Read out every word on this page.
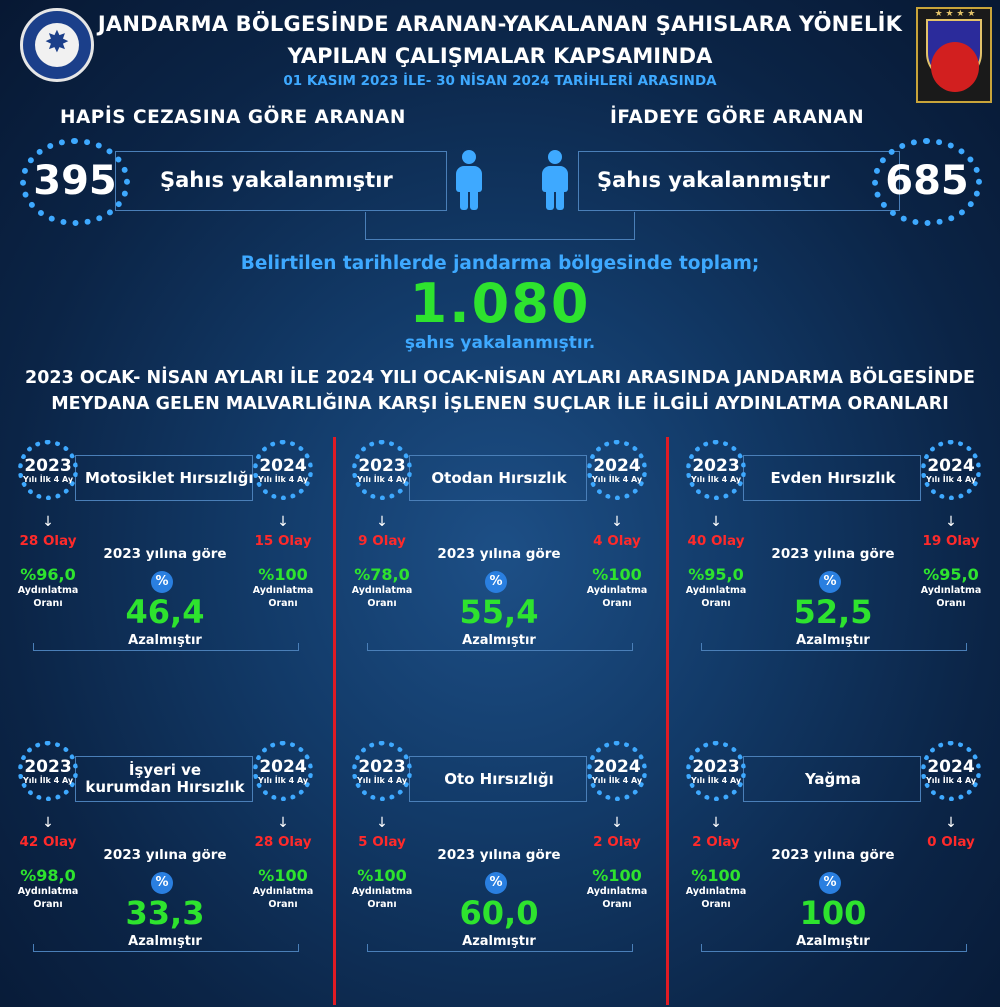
✸
JANDARMA BÖLGESİNDE ARANAN-YAKALANAN ŞAHISLARA YÖNELİK
YAPILAN ÇALIŞMALAR KAPSAMINDA
01 KASIM 2023 İLE- 30 NİSAN 2024 TARİHLERİ ARASINDA
★ ★ ★ ★
HAPİS CEZASINA GÖRE ARANAN	İFADEYE GÖRE ARANAN
Şahıs yakalanmıştır
395	Şahıs yakalanmıştır	685
Belirtilen tarihlerde jandarma bölgesinde toplam;
1.080
şahıs yakalanmıştır.
2023 OCAK- NİSAN AYLARI İLE 2024 YILI OCAK-NİSAN AYLARI ARASINDA JANDARMA BÖLGESİNDE
MEYDANA GELEN MALVARLIĞINA KARŞI İŞLENEN SUÇLAR İLE İLGİLİ AYDINLATMA ORANLARI
Motosiklet Hırsızlığı
2023
Yılı İlk 4 Ay
2024
Yılı İlk 4 Ay
↓	↓
28 Olay	15 Olay
%96,0
Aydınlatma
Oranı
%100
Aydınlatma
Oranı
2023 yılına göre
%
46,4
Azalmıştır
Otodan Hırsızlık
2023
Yılı İlk 4 Ay
2024
Yılı İlk 4 Ay
↓	↓
9 Olay	4 Olay
%78,0
Aydınlatma
Oranı
%100
Aydınlatma
Oranı
2023 yılına göre
%
55,4
Azalmıştır
Evden Hırsızlık
2023
Yılı İlk 4 Ay
2024
Yılı İlk 4 Ay
↓	↓
40 Olay	19 Olay
%95,0
Aydınlatma
Oranı
%95,0
Aydınlatma
Oranı
2023 yılına göre
%
52,5
Azalmıştır
İşyeri ve kurumdan Hırsızlık
2023
Yılı İlk 4 Ay
2024
Yılı İlk 4 Ay
↓	↓
42 Olay	28 Olay
%98,0
Aydınlatma
Oranı
%100
Aydınlatma
Oranı
2023 yılına göre
%
33,3
Azalmıştır
Oto Hırsızlığı
2023
Yılı İlk 4 Ay
2024
Yılı İlk 4 Ay
↓	↓
5 Olay	2 Olay
%100
Aydınlatma
Oranı
%100
Aydınlatma
Oranı
2023 yılına göre
%
60,0
Azalmıştır
Yağma
2023
Yılı İlk 4 Ay
2024
Yılı İlk 4 Ay
↓	↓
2 Olay	0 Olay
%100
Aydınlatma
Oranı
2023 yılına göre
%
100
Azalmıştır
